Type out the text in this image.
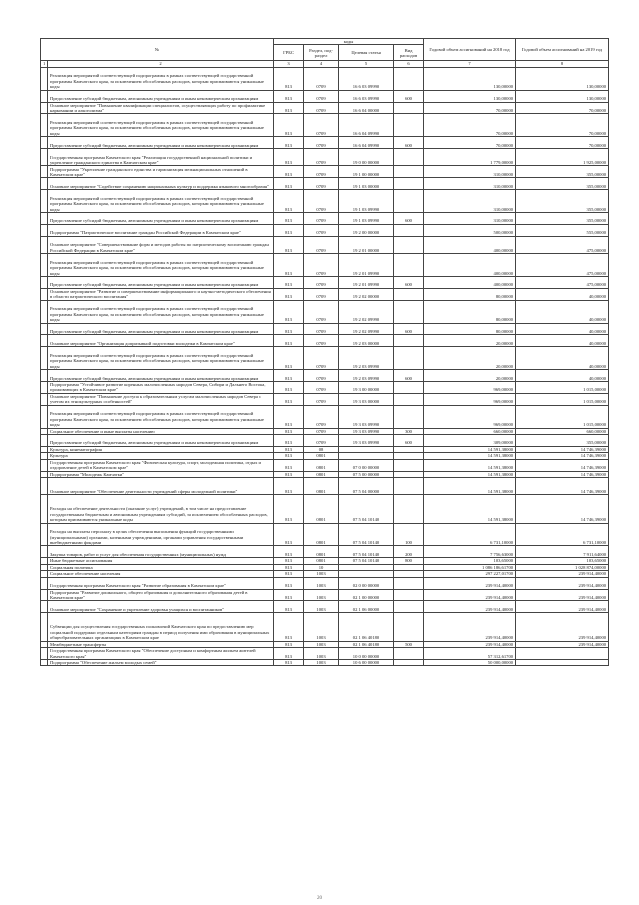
№		коды				Годовой объем ассигнований на 2018 год	Годовой объем ассигнований на 2019 год
		ГРБС	Раздел, под-раздел	Целевая статья	Вид расходов		
1	2	3	4	5	6	7	8
	Реализация мероприятий соответствующей подпрограммы в рамках соответствующей государственной программы Камчатского края, за исключением обособленных расходов, которым присваиваются уникальные коды	813	0709	16 6 03 09990		130,00000	130,00000
	Предоставление субсидий бюджетным, автономным учреждениям и иным некоммерческим организациям	813	0709	16 6 03 09990	600	130,00000	130,00000
	Основное мероприятие "Повышение квалификации специалистов, осуществляющих работу по профилактике наркомании и алкоголизма"	813	0709	16 6 04 00000		70,00000	70,00000
	Реализация мероприятий соответствующей подпрограммы в рамках соответствующей государственной программы Камчатского края, за исключением обособленных расходов, которым присваиваются уникальные коды	813	0709	16 6 04 09990		70,00000	70,00000
	Предоставление субсидий бюджетным, автономным учреждениям и иным некоммерческим организациям	813	0709	16 6 04 09990	600	70,00000	70,00000
	Государственная программа Камчатского края "Реализация государственной национальной политики и укрепление гражданского единства в Камчатском крае"	813	0709	19 0 00 00000		1 779,00000	1 925,00000
	Подпрограмма "Укрепление гражданского единства и гармонизация межнациональных отношений в Камчатском крае"	813	0709	19 1 00 00000		310,00000	355,00000
	Основное мероприятие "Содействие сохранению национальных культур и поддержка языкового многообразия"	813	0709	19 1 03 00000		310,00000	355,00000
	Реализация мероприятий соответствующей подпрограммы в рамках соответствующей государственной программы Камчатского края, за исключением обособленных расходов, которым присваиваются уникальные коды	813	0709	19 1 03 09990		310,00000	355,00000
	Предоставление субсидий бюджетным, автономным учреждениям и иным некоммерческим организациям	813	0709	19 1 03 09990	600	310,00000	355,00000
	Подпрограмма "Патриотическое воспитание граждан Российской Федерации в Камчатском крае"	813	0709	19 2 00 00000		500,00000	555,00000
	Основное мероприятие "Совершенствование форм и методов работы по патриотическому воспитанию граждан Российской Федерации в Камчатском крае"	813	0709	19 2 01 00000		400,00000	475,00000
	Реализация мероприятий соответствующей подпрограммы в рамках соответствующей государственной программы Камчатского края, за исключением обособленных расходов, которым присваиваются уникальные коды	813	0709	19 2 01 09990		400,00000	475,00000
	Предоставление субсидий бюджетным, автономным учреждениям и иным некоммерческим организациям	813	0709	19 2 01 09990	600	400,00000	475,00000
	Основное мероприятие "Развитие и совершенствование информационного и научно-методического обеспечения в области патриотического воспитания"	813	0709	19 2 02 00000		80,00000	40,00000
	Реализация мероприятий соответствующей подпрограммы в рамках соответствующей государственной программы Камчатского края, за исключением обособленных расходов, которым присваиваются уникальные коды	813	0709	19 2 02 09990		80,00000	40,00000
	Предоставление субсидий бюджетным, автономным учреждениям и иным некоммерческим организациям	813	0709	19 2 02 09990	600	80,00000	40,00000
	Основное мероприятие "Организация допризывной подготовки молодежи в Камчатском крае"	813	0709	19 2 03 00000		20,00000	40,00000
	Реализация мероприятий соответствующей подпрограммы в рамках соответствующей государственной программы Камчатского края, за исключением обособленных расходов, которым присваиваются уникальные коды	813	0709	19 2 03 09990		20,00000	40,00000
	Предоставление субсидий бюджетным, автономным учреждениям и иным некоммерческим организациям	813	0709	19 2 03 09990	600	20,00000	40,00000
	Подпрограмма "Устойчивое развитие коренных малочисленных народов Севера, Сибири и Дальнего Востока, проживающих в Камчатском крае"	813	0709	19 3 00 00000		969,00000	1 015,00000
	Основное мероприятие "Повышение доступа к образовательным услугам малочисленных народов Севера с учетом их этнокультурных особенностей"	813	0709	19 3 03 00000		969,00000	1 015,00000
	Реализация мероприятий соответствующей подпрограммы в рамках соответствующей государственной программы Камчатского края, за исключением обособленных расходов, которым присваиваются уникальные коды	813	0709	19 3 03 09990		969,00000	1 015,00000
	Социальное обеспечение и иные выплаты населению	813	0709	19 3 03 09990	300	660,00000	660,00000
	Предоставление субсидий бюджетным, автономным учреждениям и иным некоммерческим организациям	813	0709	19 3 03 09990	600	309,00000	355,00000
	Культура, кинематография	813	08			14 591,38000	14 746,39000
	Культура	813	0801			14 591,38000	14 746,39000
	Государственная программа Камчатского края "Физическая культура, спорт, молодежная политика, отдых и оздоровление детей в Камчатском крае"	813	0801	07 0 00 00000		14 591,38000	14 746,39000
	Подпрограмма "Молодежь Камчатки"	813	0801	07 5 00 00000		14 591,38000	14 746,39000
	Основное мероприятие "Обеспечение деятельности учреждений сферы молодежной политики"	813	0801	07 5 04 00000		14 591,38000	14 746,39000
	Расходы на обеспечение деятельности (оказание услуг) учреждений, в том числе на предоставление государственным бюджетным и автономным учреждениям субсидий, за исключением обособленных расходов, которым присваиваются уникальные коды	813	0801	07 5 04 10140		14 591,38000	14 746,39000
	Расходы на выплаты персоналу в целях обеспечения выполнения функций государственными (муниципальными) органами, казенными учреждениями, органами управления государственными внебюджетными фондами	813	0801	07 5 04 10140	100	6 731,10000	6 731,10000
	Закупка товаров, работ и услуг для обеспечения государственных (муниципальных) нужд	813	0801	07 5 04 10140	200	7 756,63000	7 911,64000
	Иные бюджетные ассигнования	813	0801	07 5 04 10140	800	103,65000	103,65000
	Социальная политика	813	10			1 086 186,61700	1 028 874,00000
	Социальное обеспечение населения	813	1003			297 227,01700	239 914,40000
	Государственная программа Камчатского края "Развитие образования в Камчатском крае"	813	1003	02 0 00 00000		239 914,40000	239 914,40000
	Подпрограмма "Развитие дошкольного, общего образования и дополнительного образования детей в Камчатском крае"	813	1003	02 1 00 00000		239 914,40000	239 914,40000
	Основное мероприятие "Сохранение и укрепление здоровья учащихся и воспитанников"	813	1003	02 1 06 00000		239 914,40000	239 914,40000
	Субвенции для осуществления государственных полномочий Камчатского края по предоставлению мер социальной поддержки отдельным категориям граждан в период получения ими образования в муниципальных общеобразовательных организациях в Камчатском крае	813	1003	02 1 06 40180		239 914,40000	239 914,40000
	Межбюджетные трансферты	813	1003	02 1 06 40180	500	239 914,40000	239 914,40000
	Государственная программа Камчатского края "Обеспечение доступным и комфортным жильем жителей Камчатского края"	813	1003	10 0 00 00000		57 312,61700	
	Подпрограмма "Обеспечение жильем молодых семей"	813	1003	10 6 00 00000		50 000,00000	
20
